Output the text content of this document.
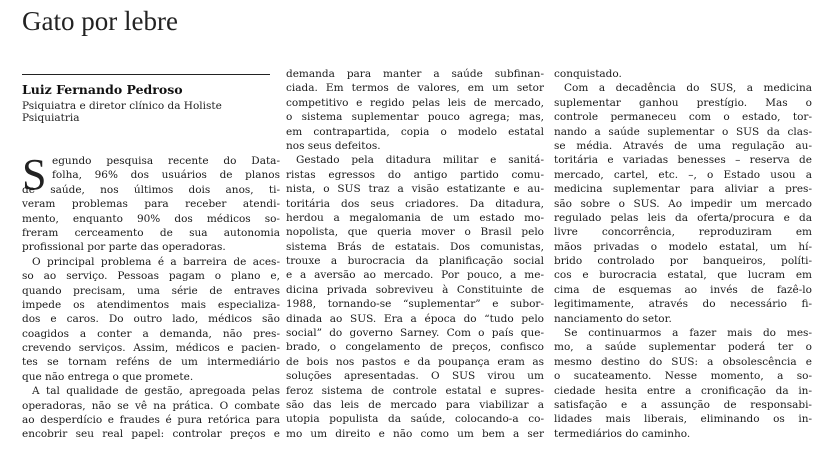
Gato por lebre
Luiz Fernando Pedroso
Psiquiatra e diretor clínico da Holiste
Psiquiatria
S egundo pesquisa recente do Data-
folha, 96% dos usuários de planos
de saúde, nos últimos dois anos, ti-
veram problemas para receber atendi-
mento, enquanto 90% dos médicos so-
freram cerceamento de sua autonomia
profissional por parte das operadoras.
O principal problema é a barreira de aces-
so ao serviço. Pessoas pagam o plano e,
quando precisam, uma série de entraves
impede os atendimentos mais especializa-
dos e caros. Do outro lado, médicos são
coagidos a conter a demanda, não pres-
crevendo serviços. Assim, médicos e pacien-
tes se tornam reféns de um intermediário
que não entrega o que promete.
A tal qualidade de gestão, apregoada pelas
operadoras, não se vê na prática. O combate
ao desperdício e fraudes é pura retórica para
encobrir seu real papel: controlar preços e
demanda para manter a saúde subfinan-
ciada. Em termos de valores, em um setor
competitivo e regido pelas leis de mercado,
o sistema suplementar pouco agrega; mas,
em contrapartida, copia o modelo estatal
nos seus defeitos.
Gestado pela ditadura militar e sanitá-
ristas egressos do antigo partido comu-
nista, o SUS traz a visão estatizante e au-
toritária dos seus criadores. Da ditadura,
herdou a megalomania de um estado mo-
nopolista, que queria mover o Brasil pelo
sistema Brás de estatais. Dos comunistas,
trouxe a burocracia da planificação social
e a aversão ao mercado. Por pouco, a me-
dicina privada sobreviveu à Constituinte de
1988, tornando-se “suplementar” e subor-
dinada ao SUS. Era a época do “tudo pelo
social” do governo Sarney. Com o país que-
brado, o congelamento de preços, confisco
de bois nos pastos e da poupança eram as
soluções apresentadas. O SUS virou um
feroz sistema de controle estatal e supres-
são das leis de mercado para viabilizar a
utopia populista da saúde, colocando-a co-
mo um direito e não como um bem a ser
conquistado.
Com a decadência do SUS, a medicina
suplementar ganhou prestígio. Mas o
controle permaneceu com o estado, tor-
nando a saúde suplementar o SUS da clas-
se média. Através de uma regulação au-
toritária e variadas benesses – reserva de
mercado, cartel, etc. –, o Estado usou a
medicina suplementar para aliviar a pres-
são sobre o SUS. Ao impedir um mercado
regulado pelas leis da oferta/procura e da
livre concorrência, reproduziram em
mãos privadas o modelo estatal, um hí-
brido controlado por banqueiros, políti-
cos e burocracia estatal, que lucram em
cima de esquemas ao invés de fazê-lo
legitimamente, através do necessário fi-
nanciamento do setor.
Se continuarmos a fazer mais do mes-
mo, a saúde suplementar poderá ter o
mesmo destino do SUS: a obsolescência e
o sucateamento. Nesse momento, a so-
ciedade hesita entre a cronificação da in-
satisfação e a assunção de responsabi-
lidades mais liberais, eliminando os in-
termediários do caminho.
